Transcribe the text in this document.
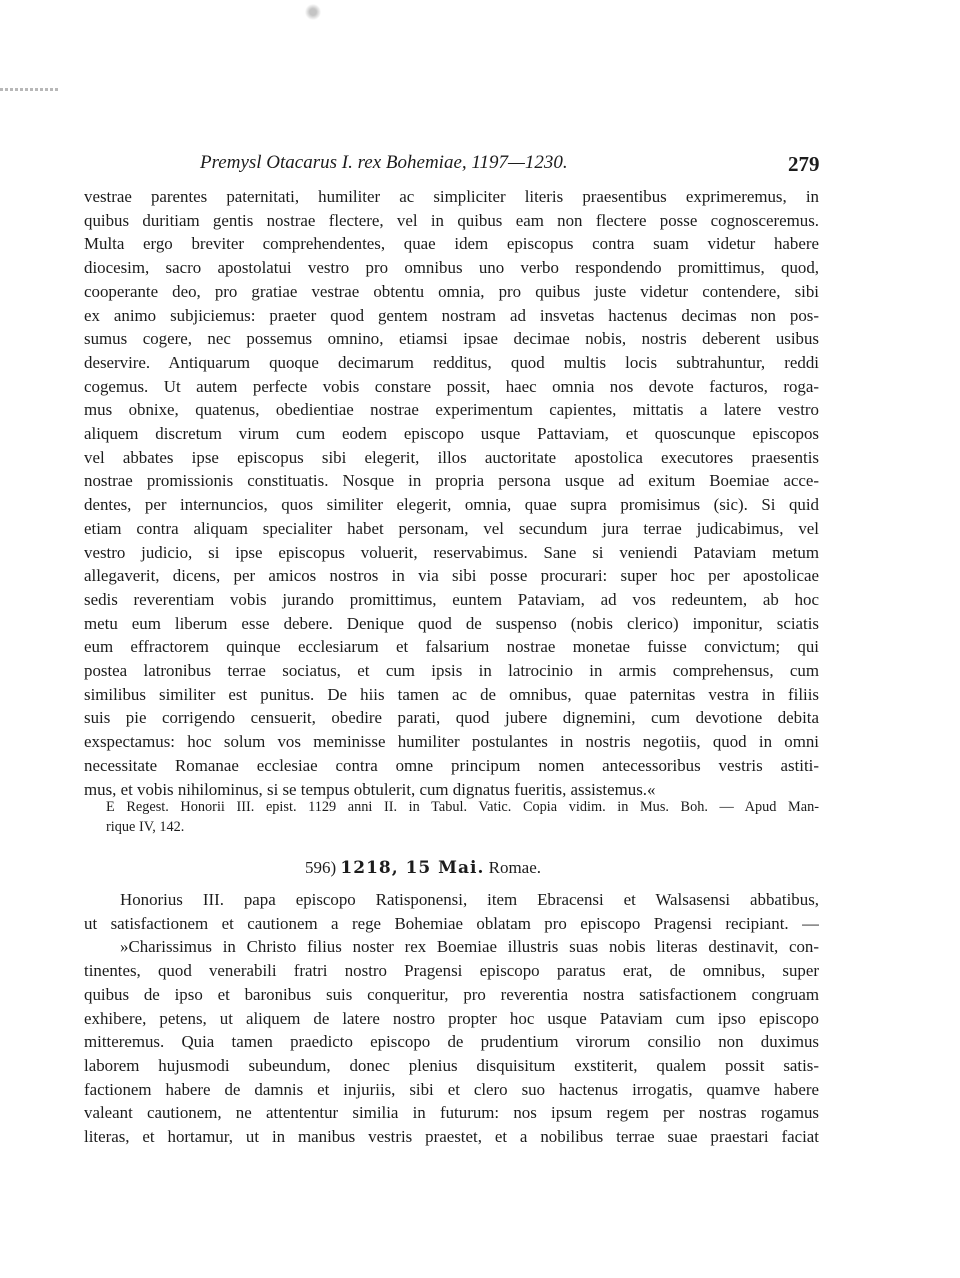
Premysl Otacarus I. rex Bohemiae, 1197—1230.	279
vestrae parentes paternitati, humiliter ac simpliciter literis praesentibus exprimeremus, in
quibus duritiam gentis nostrae flectere, vel in quibus eam non flectere posse cognosceremus.
Multa ergo breviter comprehendentes, quae idem episcopus contra suam videtur habere
diocesim, sacro apostolatui vestro pro omnibus uno verbo respondendo promittimus, quod,
cooperante deo, pro gratiae vestrae obtentu omnia, pro quibus juste videtur contendere, sibi
ex animo subjiciemus: praeter quod gentem nostram ad insvetas hactenus decimas non pos-
sumus cogere, nec possemus omnino, etiamsi ipsae decimae nobis, nostris deberent usibus
deservire. Antiquarum quoque decimarum redditus, quod multis locis subtrahuntur, reddi
cogemus. Ut autem perfecte vobis constare possit, haec omnia nos devote facturos, roga-
mus obnixe, quatenus, obedientiae nostrae experimentum capientes, mittatis a latere vestro
aliquem discretum virum cum eodem episcopo usque Pattaviam, et quoscunque episcopos
vel abbates ipse episcopus sibi elegerit, illos auctoritate apostolica executores praesentis
nostrae promissionis constituatis. Nosque in propria persona usque ad exitum Boemiae acce-
dentes, per internuncios, quos similiter elegerit, omnia, quae supra promisimus (sic). Si quid
etiam contra aliquam specialiter habet personam, vel secundum jura terrae judicabimus, vel
vestro judicio, si ipse episcopus voluerit, reservabimus. Sane si veniendi Pataviam metum
allegaverit, dicens, per amicos nostros in via sibi posse procurari: super hoc per apostolicae
sedis reverentiam vobis jurando promittimus, euntem Pataviam, ad vos redeuntem, ab hoc
metu eum liberum esse debere. Denique quod de suspenso (nobis clerico) imponitur, sciatis
eum effractorem quinque ecclesiarum et falsarium nostrae monetae fuisse convictum; qui
postea latronibus terrae sociatus, et cum ipsis in latrocinio in armis comprehensus, cum
similibus similiter est punitus. De hiis tamen ac de omnibus, quae paternitas vestra in filiis
suis pie corrigendo censuerit, obedire parati, quod jubere dignemini, cum devotione debita
exspectamus: hoc solum vos meminisse humiliter postulantes in nostris negotiis, quod in omni
necessitate Romanae ecclesiae contra omne principum nomen antecessoribus vestris astiti-
mus, et vobis nihilominus, si se tempus obtulerit, cum dignatus fueritis, assistemus.«
E Regest. Honorii III. epist. 1129 anni II. in Tabul. Vatic. Copia vidim. in Mus. Boh. — Apud Man-
rique IV, 142.
596) 1218, 15 Mai. Romae.
Honorius III. papa episcopo Ratisponensi, item Ebracensi et Walsasensi abbatibus,
ut satisfactionem et cautionem a rege Bohemiae oblatam pro episcopo Pragensi recipiant. —
»Charissimus in Christo filius noster rex Boemiae illustris suas nobis literas destinavit, con-
tinentes, quod venerabili fratri nostro Pragensi episcopo paratus erat, de omnibus, super
quibus de ipso et baronibus suis conqueritur, pro reverentia nostra satisfactionem congruam
exhibere, petens, ut aliquem de latere nostro propter hoc usque Pataviam cum ipso episcopo
mitteremus. Quia tamen praedicto episcopo de prudentium virorum consilio non duximus
laborem hujusmodi subeundum, donec plenius disquisitum exstiterit, qualem possit satis-
factionem habere de damnis et injuriis, sibi et clero suo hactenus irrogatis, quamve habere
valeant cautionem, ne attententur similia in futurum: nos ipsum regem per nostras rogamus
literas, et hortamur, ut in manibus vestris praestet, et a nobilibus terrae suae praestari faciat
